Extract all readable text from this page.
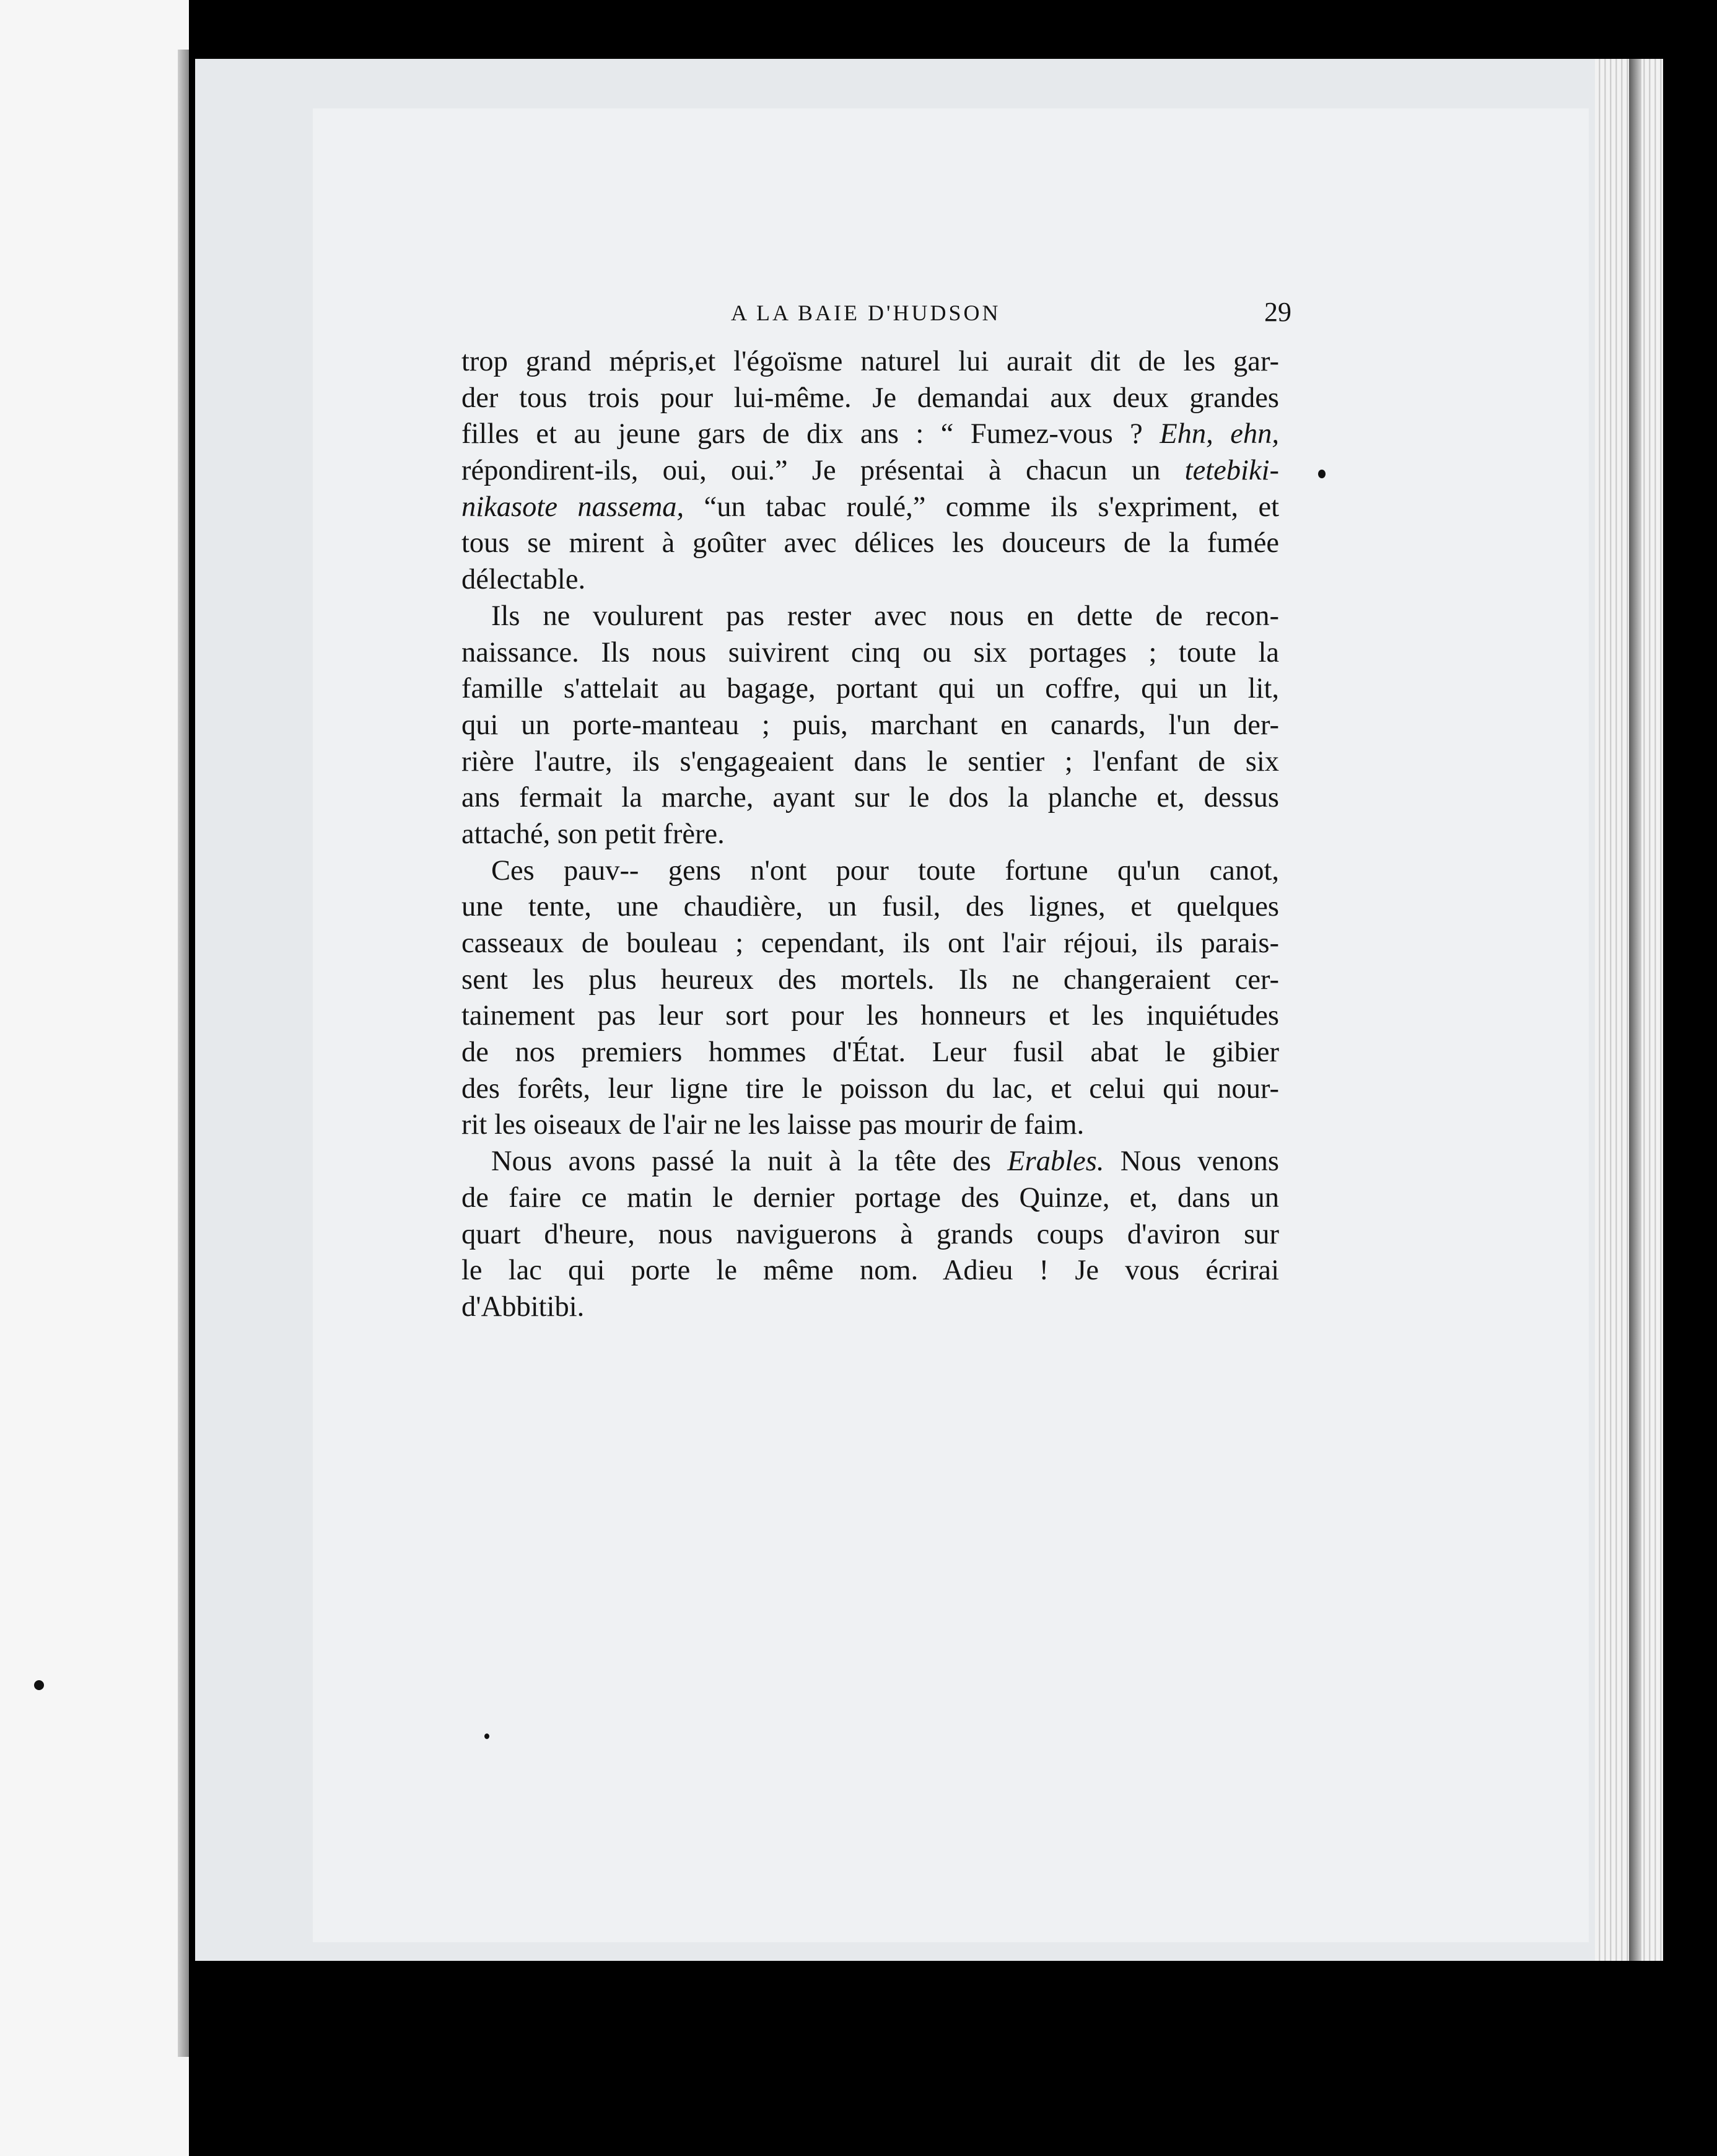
A LA BAIE D'HUDSON	29
trop grand mépris,et l'égoïsme naturel lui aurait dit de les gar-
der tous trois pour lui-même. Je demandai aux deux grandes
filles et au jeune gars de dix ans : “ Fumez-vous ? Ehn, ehn,
répondirent-ils, oui, oui.” Je présentai à chacun un tetebiki-
nikasote nassema, “un tabac roulé,” comme ils s'expriment, et
tous se mirent à goûter avec délices les douceurs de la fumée
délectable.
Ils ne voulurent pas rester avec nous en dette de recon-
naissance. Ils nous suivirent cinq ou six portages ; toute la
famille s'attelait au bagage, portant qui un coffre, qui un lit,
qui un porte-manteau ; puis, marchant en canards, l'un der-
rière l'autre, ils s'engageaient dans le sentier ; l'enfant de six
ans fermait la marche, ayant sur le dos la planche et, dessus
attaché, son petit frère.
Ces pauv‐‐ gens n'ont pour toute fortune qu'un canot,
une tente, une chaudière, un fusil, des lignes, et quelques
casseaux de bouleau ; cependant, ils ont l'air réjoui, ils parais-
sent les plus heureux des mortels. Ils ne changeraient cer-
tainement pas leur sort pour les honneurs et les inquiétudes
de nos premiers hommes d'État. Leur fusil abat le gibier
des forêts, leur ligne tire le poisson du lac, et celui qui nour-
rit les oiseaux de l'air ne les laisse pas mourir de faim.
Nous avons passé la nuit à la tête des Erables. Nous venons
de faire ce matin le dernier portage des Quinze, et, dans un
quart d'heure, nous naviguerons à grands coups d'aviron sur
le lac qui porte le même nom. Adieu ! Je vous écrirai
d'Abbitibi.
